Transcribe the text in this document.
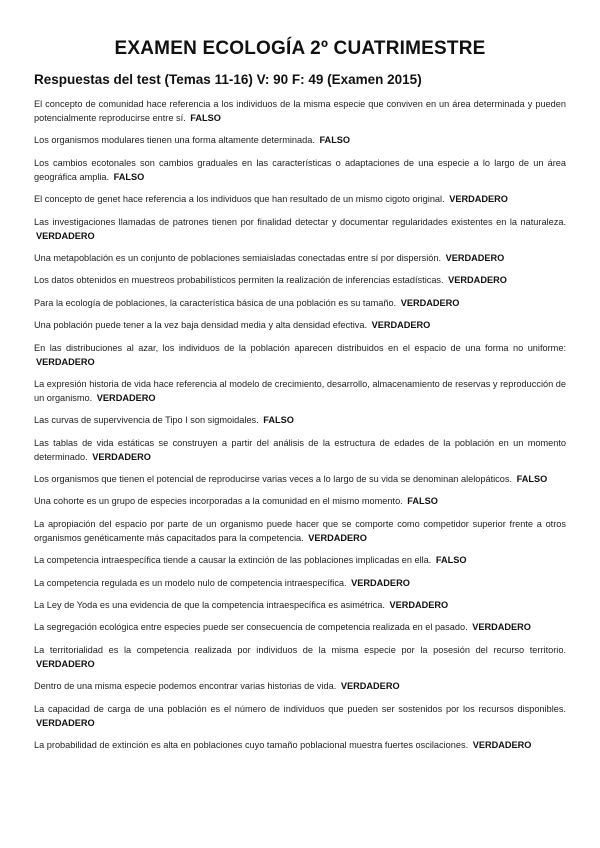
EXAMEN ECOLOGÍA 2º CUATRIMESTRE
Respuestas del test (Temas 11-16) V: 90 F: 49 (Examen 2015)
El concepto de comunidad hace referencia a los individuos de la misma especie que conviven en un área determinada y pueden potencialmente reproducirse entre sí. FALSO
Los organismos modulares tienen una forma altamente determinada. FALSO
Los cambios ecotonales son cambios graduales en las características o adaptaciones de una especie a lo largo de un área geográfica amplia. FALSO
El concepto de genet hace referencia a los individuos que han resultado de un mismo cigoto original. VERDADERO
Las investigaciones llamadas de patrones tienen por finalidad detectar y documentar regularidades existentes en la naturaleza. VERDADERO
Una metapoblación es un conjunto de poblaciones semiaisladas conectadas entre sí por dispersión. VERDADERO
Los datos obtenidos en muestreos probabilísticos permiten la realización de inferencias estadísticas. VERDADERO
Para la ecología de poblaciones, la característica básica de una población es su tamaño. VERDADERO
Una población puede tener a la vez baja densidad media y alta densidad efectiva. VERDADERO
En las distribuciones al azar, los individuos de la población aparecen distribuidos en el espacio de una forma no uniforme: VERDADERO
La expresión historia de vida hace referencia al modelo de crecimiento, desarrollo, almacenamiento de reservas y reproducción de un organismo. VERDADERO
Las curvas de supervivencia de Tipo I son sigmoidales. FALSO
Las tablas de vida estáticas se construyen a partir del análisis de la estructura de edades de la población en un momento determinado. VERDADERO
Los organismos que tienen el potencial de reproducirse varias veces a lo largo de su vida se denominan alelopáticos. FALSO
Una cohorte es un grupo de especies incorporadas a la comunidad en el mismo momento. FALSO
La apropiación del espacio por parte de un organismo puede hacer que se comporte como competidor superior frente a otros organismos genéticamente más capacitados para la competencia. VERDADERO
La competencia intraespecífica tiende a causar la extinción de las poblaciones implicadas en ella. FALSO
La competencia regulada es un modelo nulo de competencia intraespecífica. VERDADERO
La Ley de Yoda es una evidencia de que la competencia intraespecífica es asimétrica. VERDADERO
La segregación ecológica entre especies puede ser consecuencia de competencia realizada en el pasado. VERDADERO
La territorialidad es la competencia realizada por individuos de la misma especie por la posesión del recurso territorio. VERDADERO
Dentro de una misma especie podemos encontrar varias historias de vida. VERDADERO
La capacidad de carga de una población es el número de individuos que pueden ser sostenidos por los recursos disponibles. VERDADERO
La probabilidad de extinción es alta en poblaciones cuyo tamaño poblacional muestra fuertes oscilaciones. VERDADERO
